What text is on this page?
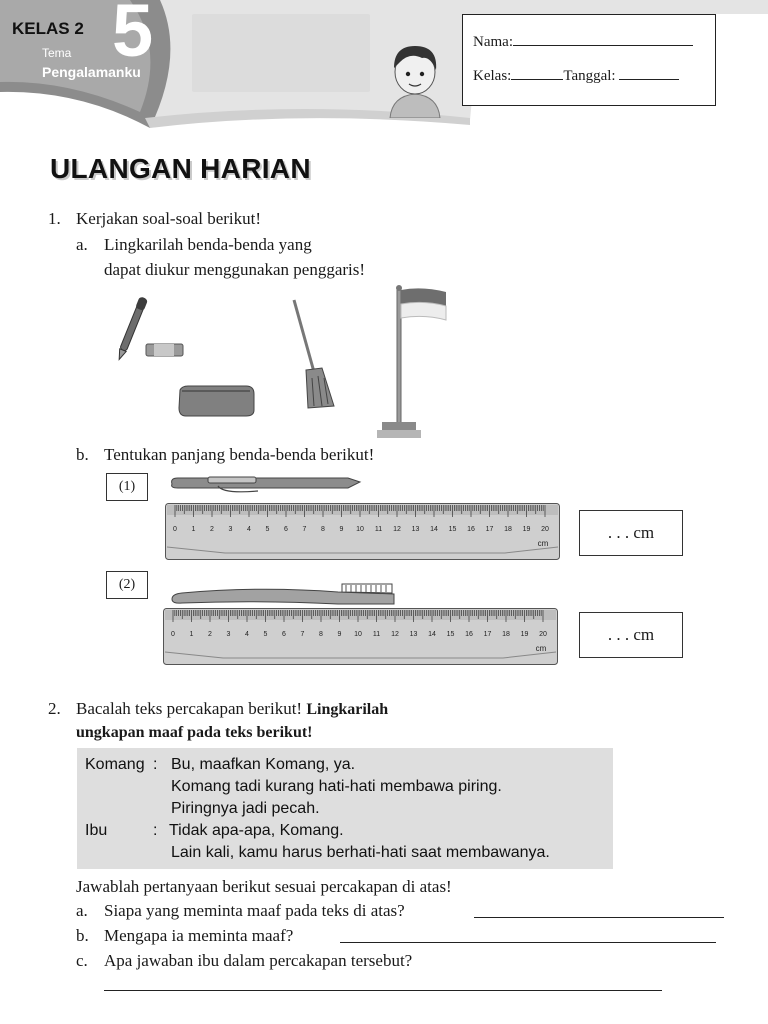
KELAS 2 5
Tema
Pengalamanku
Nama:
Kelas:	Tanggal:
ULANGAN HARIAN
1. Kerjakan soal-soal berikut!
a. Lingkarilah benda-benda yang
dapat diukur menggunakan penggaris!
b. Tentukan panjang benda-benda berikut!
(1)
0 1 2 3 4 5 6 7 8 9 10 11 12 13 14 15 16 17 18 19 20
cm
. . . cm
(2)
0 1 2 3 4 5 6 7 8 9 10 11 12 13 14 15 16 17 18 19 20
cm
. . . cm
2. Bacalah teks percakapan berikut! Lingkarilah
ungkapan maaf pada teks berikut!
Komang : Bu, maafkan Komang, ya.
Komang tadi kurang hati-hati membawa piring.
Piringnya jadi pecah.
Ibu	: Tidak apa-apa, Komang.
Lain kali, kamu harus berhati-hati saat membawanya.
Jawablah pertanyaan berikut sesuai percakapan di atas!
a. Siapa yang meminta maaf pada teks di atas?
b. Mengapa ia meminta maaf?
c. Apa jawaban ibu dalam percakapan tersebut?
